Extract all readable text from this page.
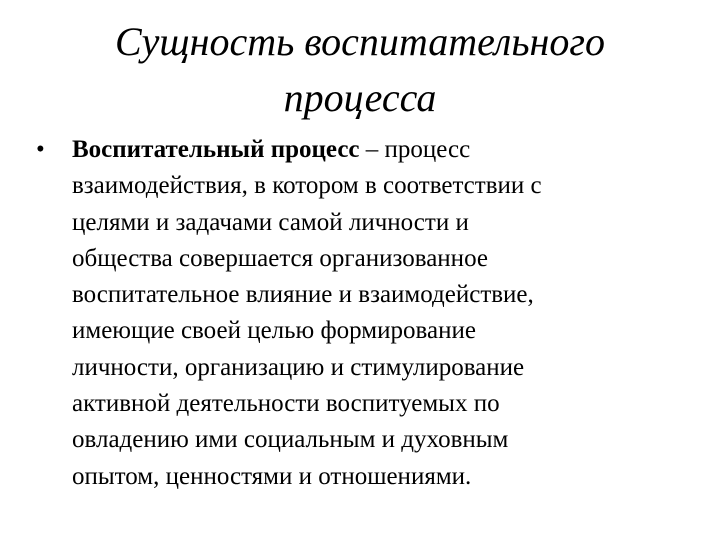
Сущность воспитательного
процесса
•	Воспитательный процесс – процесс
взаимодействия, в котором в соответствии с
целями и задачами самой личности и
общества совершается организованное
воспитательное влияние и взаимодействие,
имеющие своей целью формирование
личности, организацию и стимулирование
активной деятельности воспитуемых по
овладению ими социальным и духовным
опытом, ценностями и отношениями.
